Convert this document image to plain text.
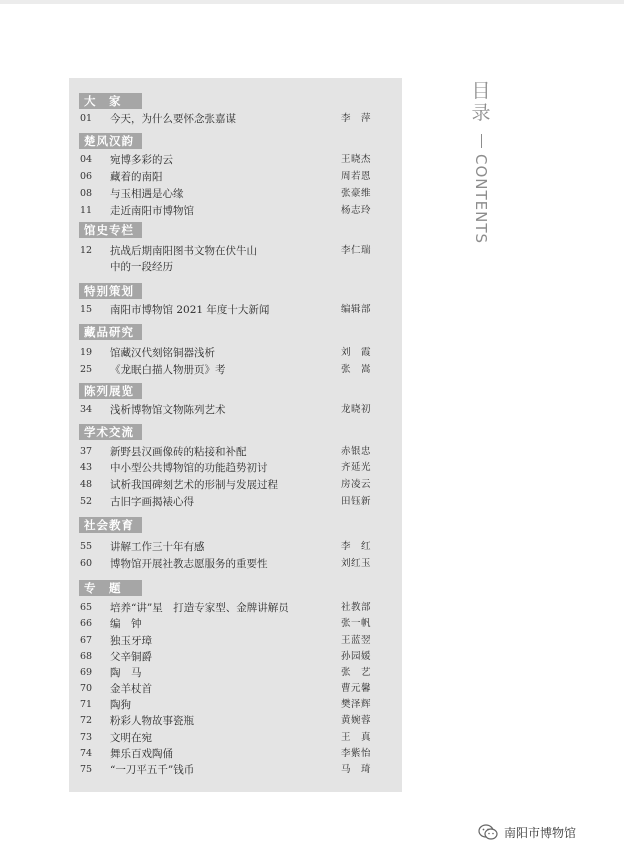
大　家
01 今天，为什么要怀念张嘉谋	李　萍
楚风汉韵
04 宛博多彩的云	王晓杰
06 藏着的南阳	周若恩
08 与玉相遇是心缘	张豪维
11 走近南阳市博物馆	杨志玲
馆史专栏
12 抗战后期南阳图书文物在伏牛山	李仁瑞
中的一段经历
特别策划
15 南阳市博物馆 2021 年度十大新闻	编辑部
藏品研究
19 馆藏汉代刻铭铜器浅析	刘　霞
25 《龙眠白描人物册页》考	张　嵩
陈列展览
34 浅析博物馆文物陈列艺术	龙晓初
学术交流
37 新野县汉画像砖的粘接和补配	赤银忠
43 中小型公共博物馆的功能趋势初讨	齐延光
48 试析我国碑刻艺术的形制与发展过程	房凌云
52 古旧字画揭裱心得	田钰新
社会教育
55 讲解工作三十年有感	李　红
60 博物馆开展社教志愿服务的重要性	刘红玉
专　题
65 培养“讲”星　打造专家型、金牌讲解员	社教部
66 编　钟	张一帆
67 独玉牙璋	王蓝翌
68 父辛铜爵	孙园媛
69 陶　马	张　艺
70 金羊杖首	曹元馨
71 陶狗	樊泽辉
72 粉彩人物故事瓷瓶	黄婉蓉
73 文明在宛	王　真
74 舞乐百戏陶俑	李紫怡
75 “一刀平五千”钱币	马　琦
目录
CONTENTS
南阳市博物馆
